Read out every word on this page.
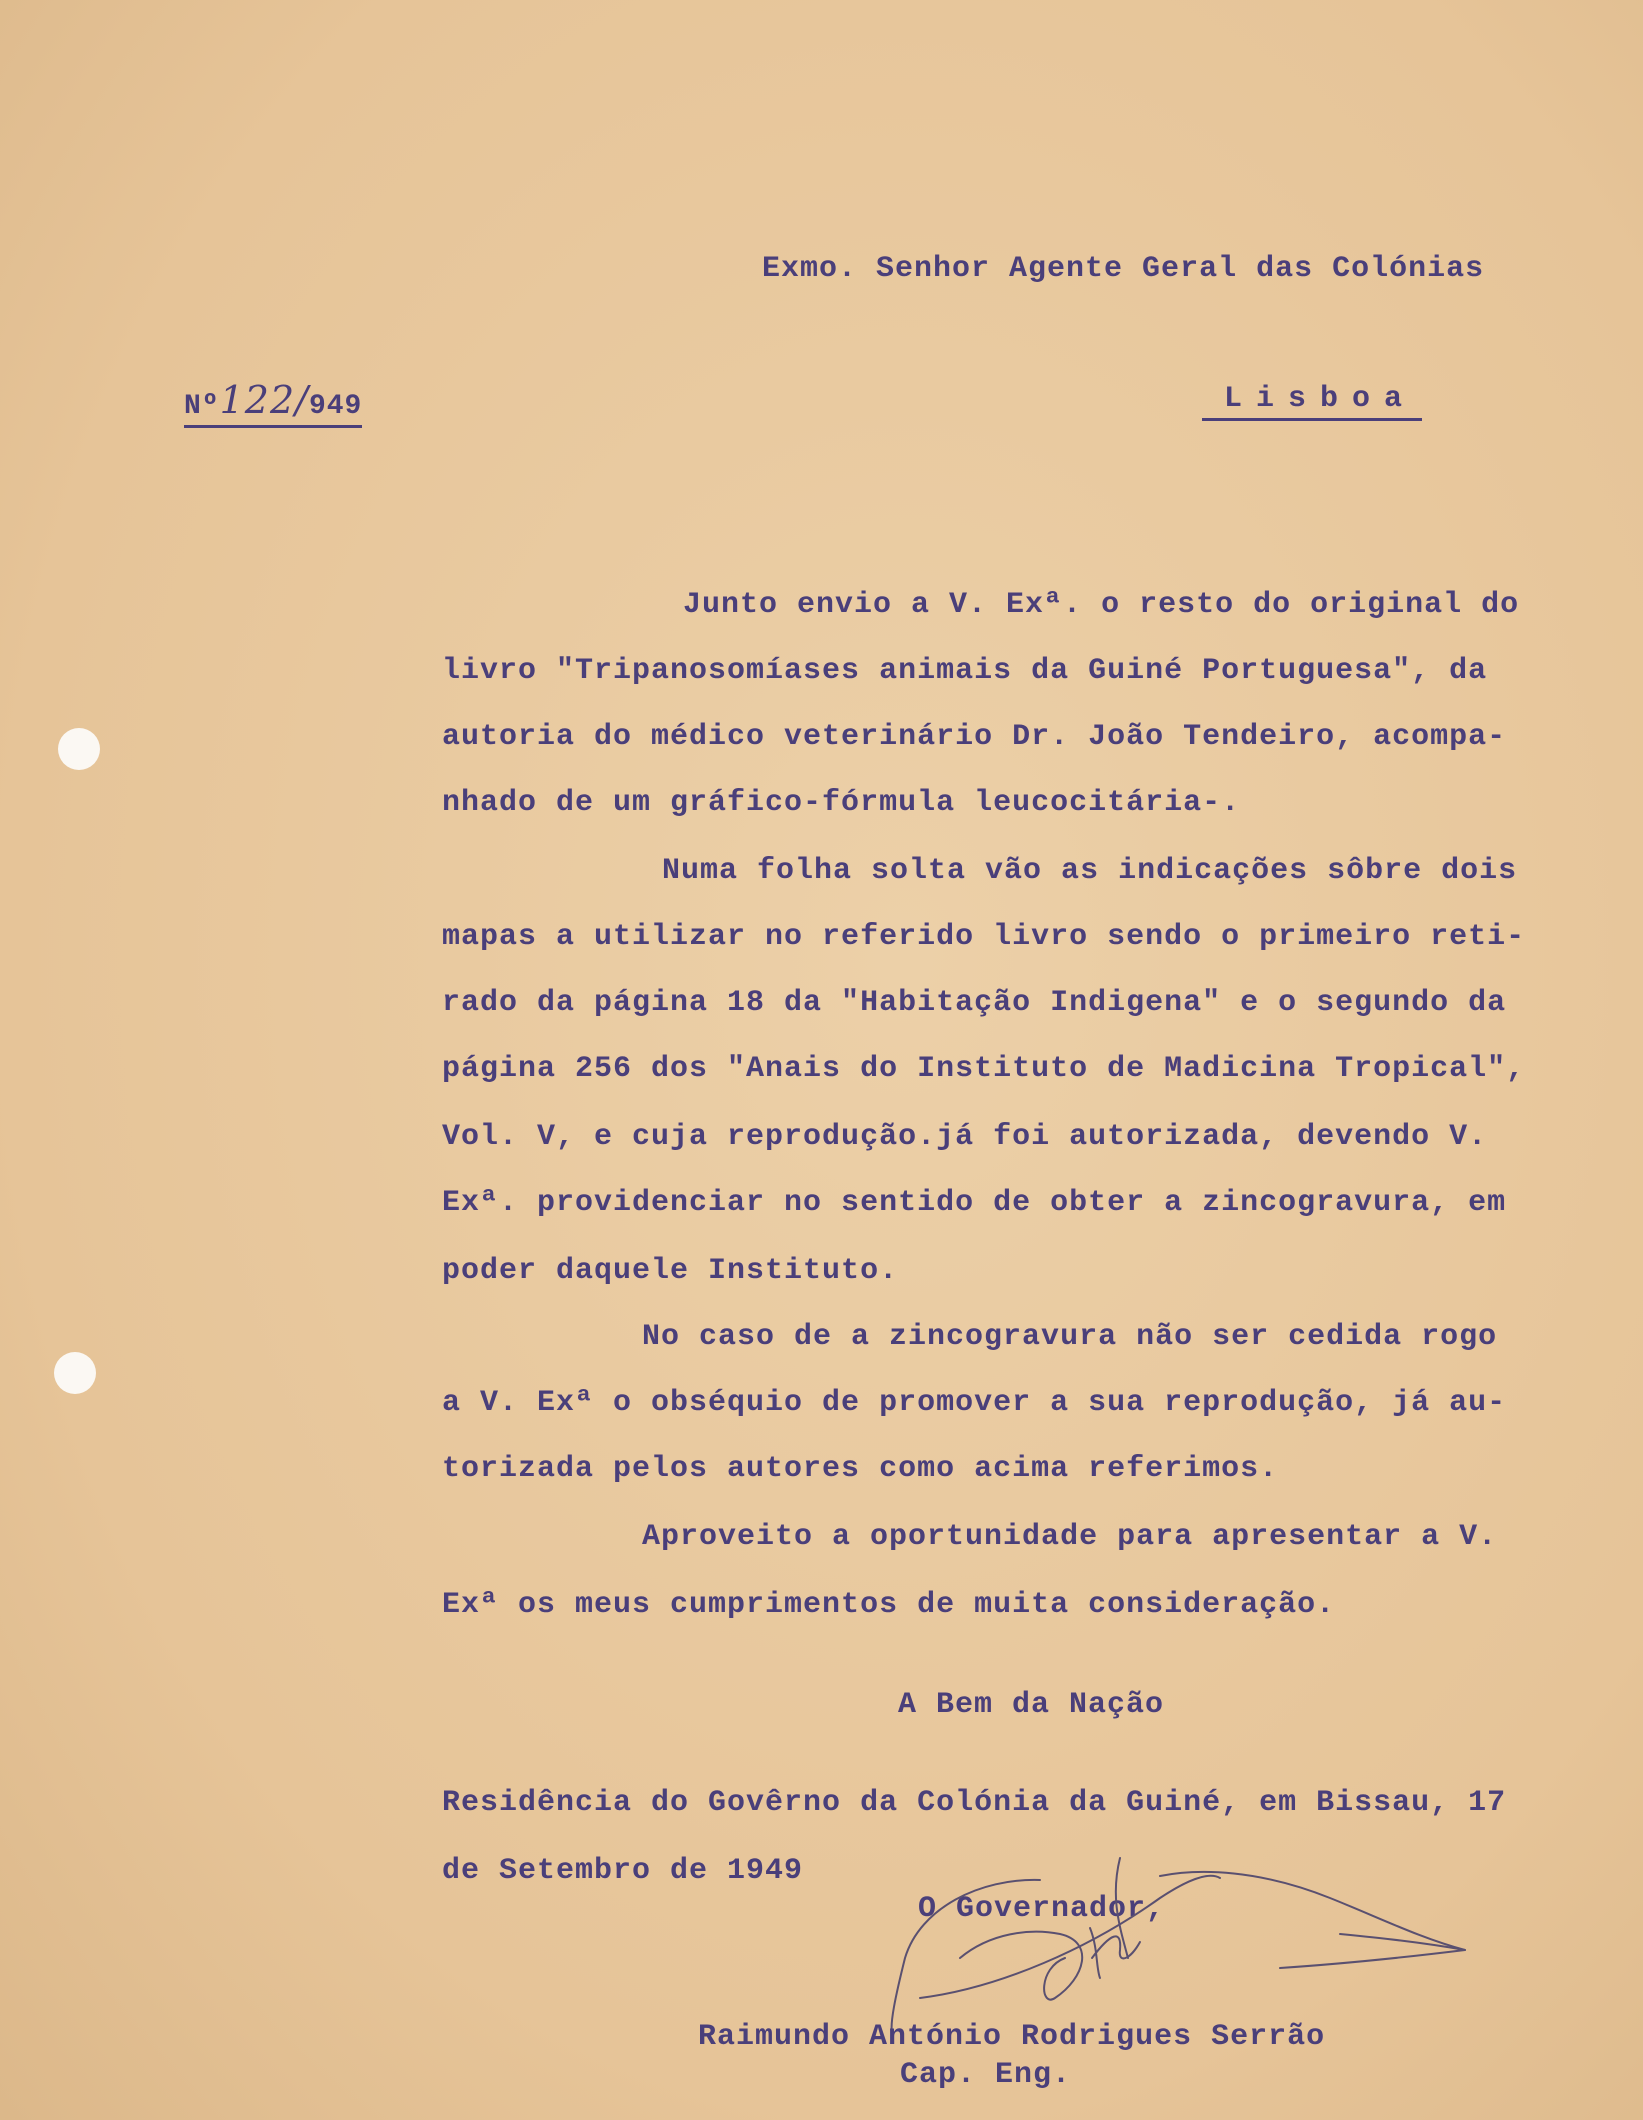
Exmo. Senhor Agente Geral das Colónias
Nº122/949	Lisboa
Junto envio a V. Exª. o resto do original do
livro "Tripanosomíases animais da Guiné Portuguesa", da
autoria do médico veterinário Dr. João Tendeiro, acompa-
nhado de um gráfico-fórmula leucocitária-.
Numa folha solta vão as indicações sôbre dois
mapas a utilizar no referido livro sendo o primeiro reti-
rado da página 18 da "Habitação Indigena" e o segundo da
página 256 dos "Anais do Instituto de Madicina Tropical",
Vol. V, e cuja reprodução.já foi autorizada, devendo V.
Exª. providenciar no sentido de obter a zincogravura, em
poder daquele Instituto.
No caso de a zincogravura não ser cedida rogo
a V. Exª o obséquio de promover a sua reprodução, já au-
torizada pelos autores como acima referimos.
Aproveito a oportunidade para apresentar a V.
Exª os meus cumprimentos de muita consideração.
A Bem da Nação
Residência do Govêrno da Colónia da Guiné, em Bissau, 17
de Setembro de 1949
O Governador,
Raimundo António Rodrigues Serrão
Cap. Eng.
